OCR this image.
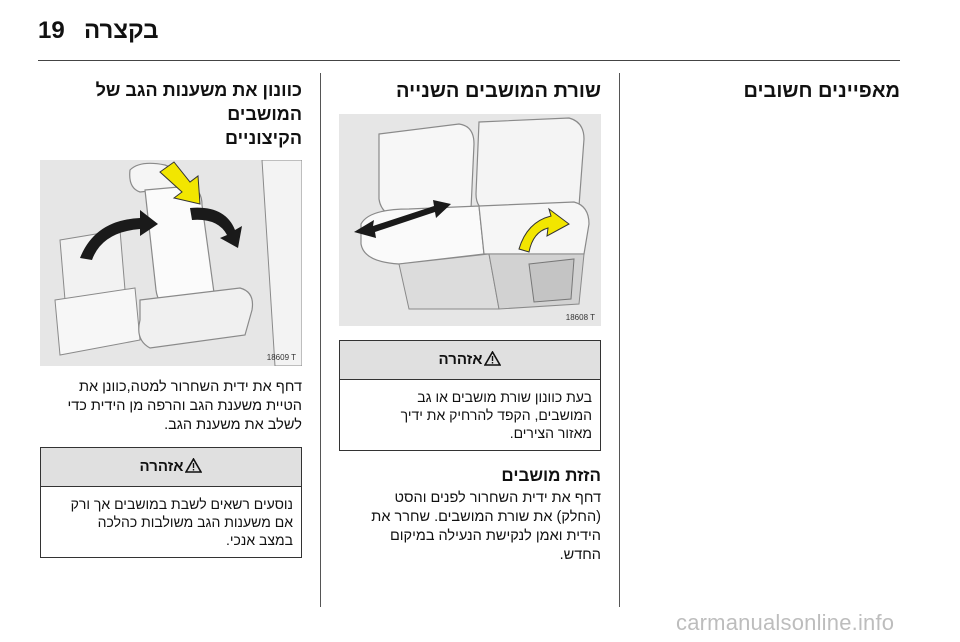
19 בקצרה
מאפיינים חשובים
שורת המושבים השנייה
18608 T
אזהרה
בעת כוונון שורת מושבים או גב
המושבים, הקפד להרחיק את ידיך
מאזור הצירים.
הזזת מושבים
דחף את ידית השחרור לפנים והסט
(החלק) את שורת המושבים. שחרר את
הידית ואמן לנקישת הנעילה במיקום
החדש.
כוונון את משענות הגב של המושבים
הקיצוניים
18609 T
דחף את ידית השחרור למטה,כוונן את
הטיית משענת הגב והרפה מן הידית כדי
לשלב את משענת הגב.
אזהרה
נוסעים רשאים לשבת במושבים אך ורק
אם משענות הגב משולבות כהלכה
במצב אנכי.
carmanualsonline.info
